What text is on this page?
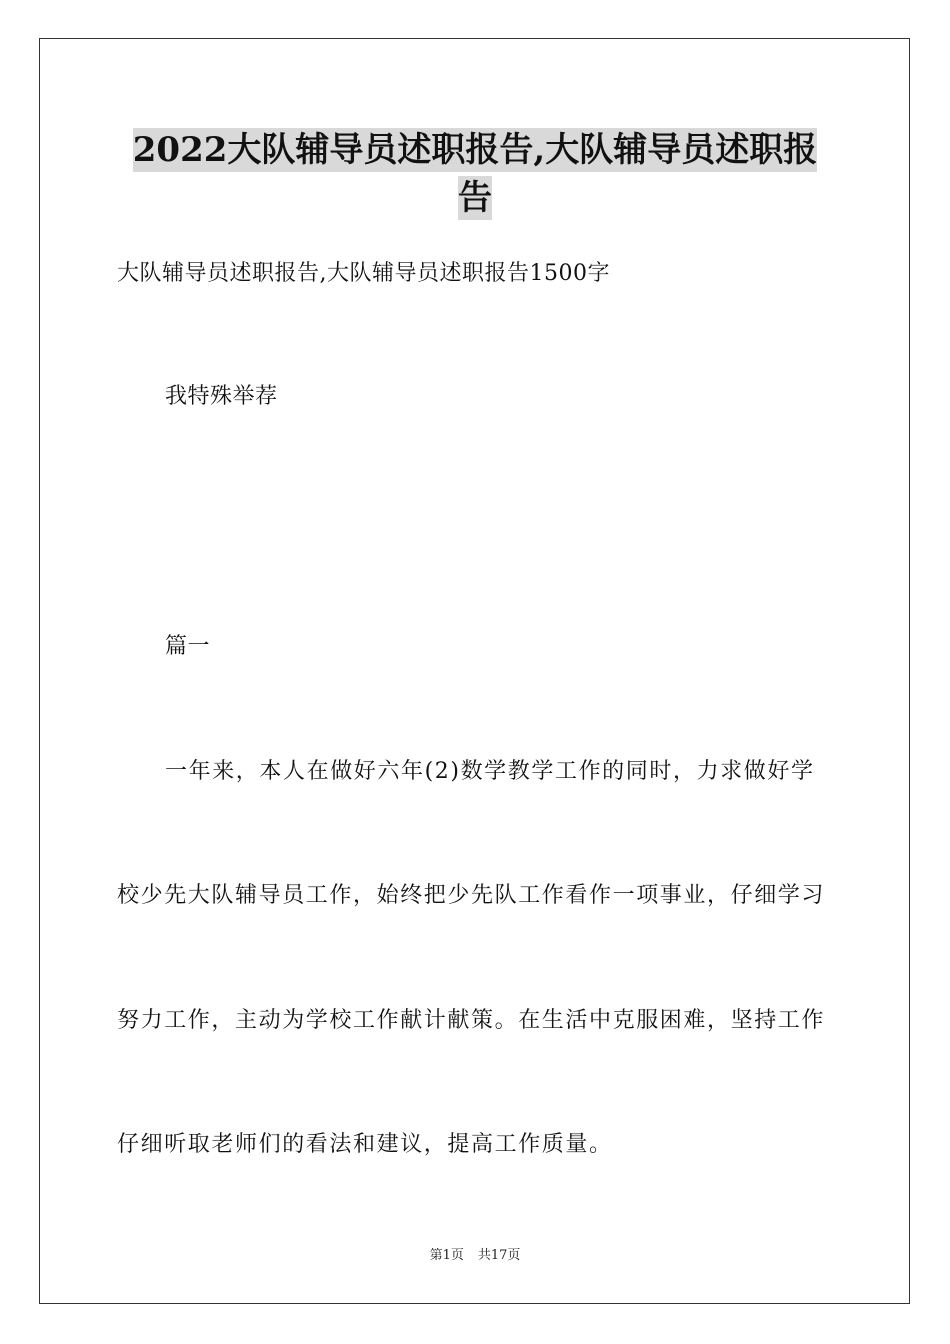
2022大队辅导员述职报告,大队辅导员述职报
告
大队辅导员述职报告,大队辅导员述职报告1500字
我特殊举荐
篇一
一年来，本人在做好六年(2)数学教学工作的同时，力求做好学
校少先大队辅导员工作，始终把少先队工作看作一项事业，仔细学习
努力工作，主动为学校工作献计献策。在生活中克服困难，坚持工作
仔细听取老师们的看法和建议，提高工作质量。
第1页 共17页
